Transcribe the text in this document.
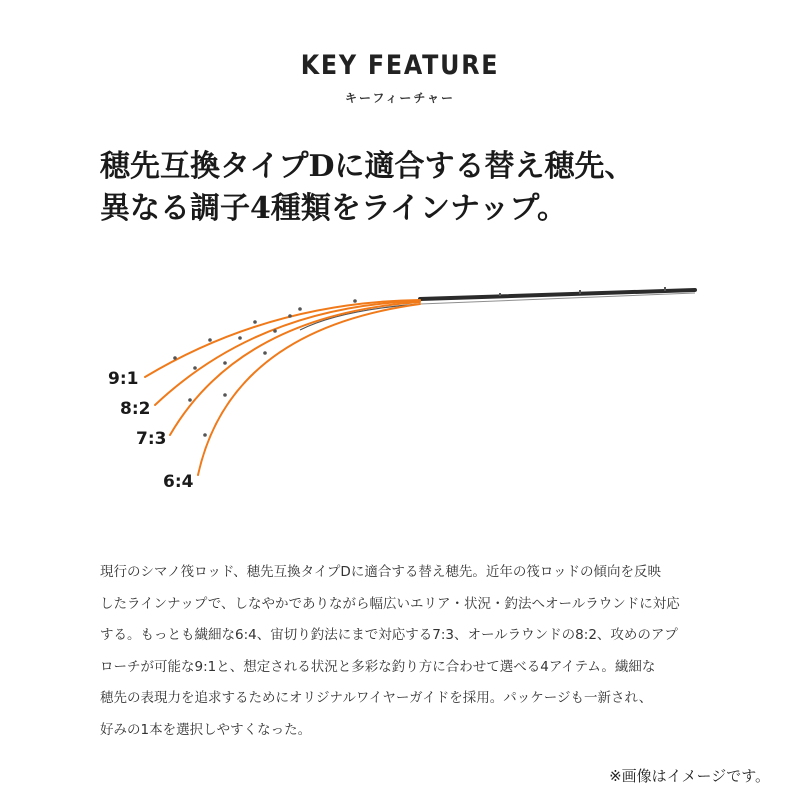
KEY FEATURE
キーフィーチャー
穂先互換タイプDに適合する替え穂先、
異なる調子4種類をラインナップ。
9:1
8:2
7:3
6:4
現行のシマノ筏ロッド、穂先互換タイプDに適合する替え穂先。近年の筏ロッドの傾向を反映
したラインナップで、しなやかでありながら幅広いエリア・状況・釣法へオールラウンドに対応
する。もっとも繊細な6:4、宙切り釣法にまで対応する7:3、オールラウンドの8:2、攻めのアプ
ローチが可能な9:1と、想定される状況と多彩な釣り方に合わせて選べる4アイテム。繊細な
穂先の表現力を追求するためにオリジナルワイヤーガイドを採用。パッケージも一新され、
好みの1本を選択しやすくなった。
※画像はイメージです。
